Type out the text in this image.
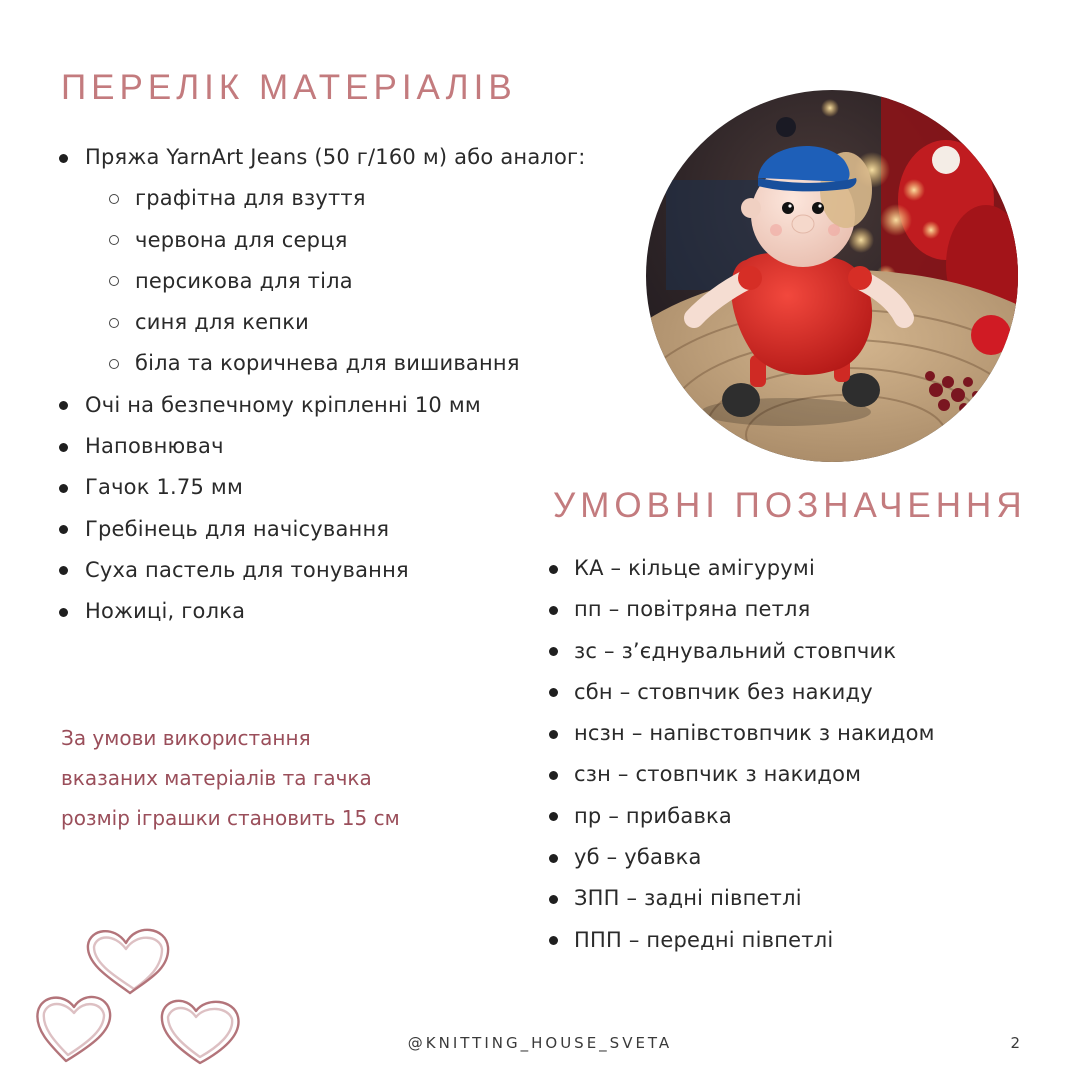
ПЕРЕЛІК МАТЕРІАЛІВ
Пряжа YarnArt Jeans (50 г/160 м) або аналог:
графітна для взуття
червона для серця
персикова для тіла
синя для кепки
біла та коричнева для вишивання
Очі на безпечному кріпленні 10 мм
Наповнювач
Гачок 1.75 мм
Гребінець для начісування
Суха пастель для тонування
Ножиці, голка

За умови використання
вказаних матеріалів та гачка
розмір іграшки становить 15 см

УМОВНІ ПОЗНАЧЕННЯ
КА – кільце амігурумі
пп – повітряна петля
зс – з’єднувальний стовпчик
сбн – стовпчик без накиду
нсзн – напівстовпчик з накидом
сзн – стовпчик з накидом
пр – прибавка
уб – убавка
ЗПП – задні півпетлі
ППП – передні півпетлі
@KNITTING_HOUSE_SVETA	2
